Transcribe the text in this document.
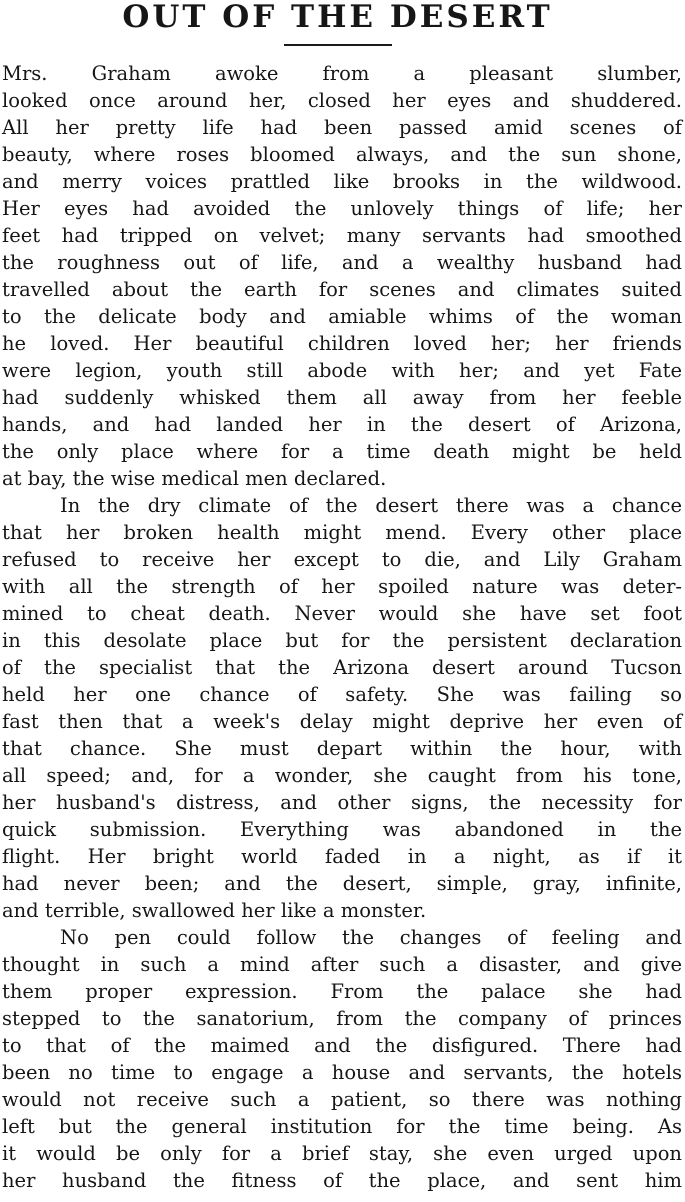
OUT OF THE DESERT
Mrs. Graham awoke from a pleasant slumber,
looked once around her, closed her eyes and shuddered.
All her pretty life had been passed amid scenes of
beauty, where roses bloomed always, and the sun shone,
and merry voices prattled like brooks in the wildwood.
Her eyes had avoided the unlovely things of life; her
feet had tripped on velvet; many servants had smoothed
the roughness out of life, and a wealthy husband had
travelled about the earth for scenes and climates suited
to the delicate body and amiable whims of the woman
he loved. Her beautiful children loved her; her friends
were legion, youth still abode with her; and yet Fate
had suddenly whisked them all away from her feeble
hands, and had landed her in the desert of Arizona,
the only place where for a time death might be held
at bay, the wise medical men declared.
In the dry climate of the desert there was a chance
that her broken health might mend. Every other place
refused to receive her except to die, and Lily Graham
with all the strength of her spoiled nature was deter-
mined to cheat death. Never would she have set foot
in this desolate place but for the persistent declaration
of the specialist that the Arizona desert around Tucson
held her one chance of safety. She was failing so
fast then that a week's delay might deprive her even of
that chance. She must depart within the hour, with
all speed; and, for a wonder, she caught from his tone,
her husband's distress, and other signs, the necessity for
quick submission. Everything was abandoned in the
flight. Her bright world faded in a night, as if it
had never been; and the desert, simple, gray, infinite,
and terrible, swallowed her like a monster.
No pen could follow the changes of feeling and
thought in such a mind after such a disaster, and give
them proper expression. From the palace she had
stepped to the sanatorium, from the company of princes
to that of the maimed and the disfigured. There had
been no time to engage a house and servants, the hotels
would not receive such a patient, so there was nothing
left but the general institution for the time being. As
it would be only for a brief stay, she even urged upon
her husband the fitness of the place, and sent him
